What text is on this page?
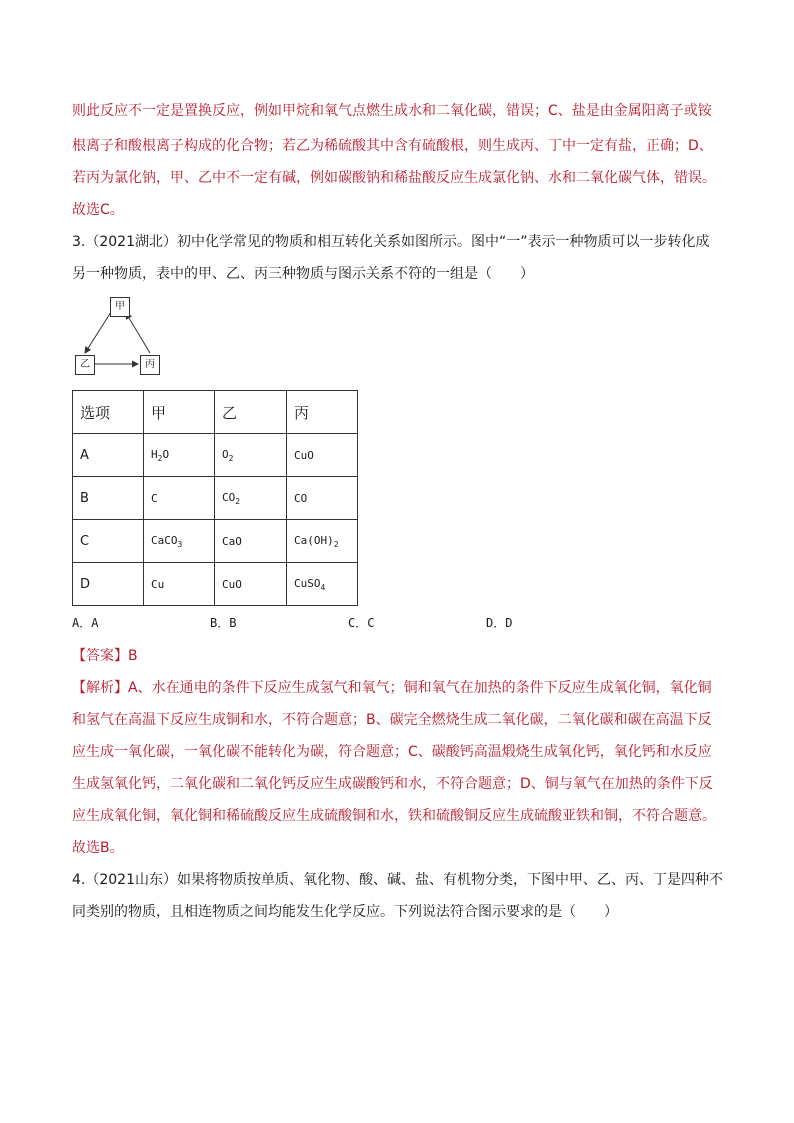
则此反应不一定是置换反应，例如甲烷和氧气点燃生成水和二氧化碳，错误；C、盐是由金属阳离子或铵
根离子和酸根离子构成的化合物；若乙为稀硫酸其中含有硫酸根，则生成丙、丁中一定有盐，正确；D、
若丙为氯化钠，甲、乙中不一定有碱，例如碳酸钠和稀盐酸反应生成氯化钠、水和二氧化碳气体，错误。
故选C。
3.（2021湖北）初中化学常见的物质和相互转化关系如图所示。图中“一”表示一种物质可以一步转化成
另一种物质，表中的甲、乙、丙三种物质与图示关系不符的一组是（　　）
甲
乙	丙
选项	甲	乙	丙
A	$H_2O$	$O_2$	CuO
B	C	$CO_2$	CO
C	CaCO$_3$	CaO	$Ca(OH)_2$
D	Cu	CuO	CuSO$_4$
A．A	B．B	C．C	D．D
【答案】B
【解析】A、水在通电的条件下反应生成氢气和氧气；铜和氧气在加热的条件下反应生成氧化铜，氧化铜
和氢气在高温下反应生成铜和水，不符合题意；B、碳完全燃烧生成二氧化碳，二氧化碳和碳在高温下反
应生成一氧化碳，一氧化碳不能转化为碳，符合题意；C、碳酸钙高温煅烧生成氧化钙，氧化钙和水反应
生成氢氧化钙，二氧化碳和二氧化钙反应生成碳酸钙和水，不符合题意；D、铜与氧气在加热的条件下反
应生成氧化铜，氧化铜和稀硫酸反应生成硫酸铜和水，铁和硫酸铜反应生成硫酸亚铁和铜，不符合题意。
故选B。
4.（2021山东）如果将物质按单质、氧化物、酸、碱、盐、有机物分类，下图中甲、乙、丙、丁是四种不
同类别的物质，且相连物质之间均能发生化学反应。下列说法符合图示要求的是（　　）
